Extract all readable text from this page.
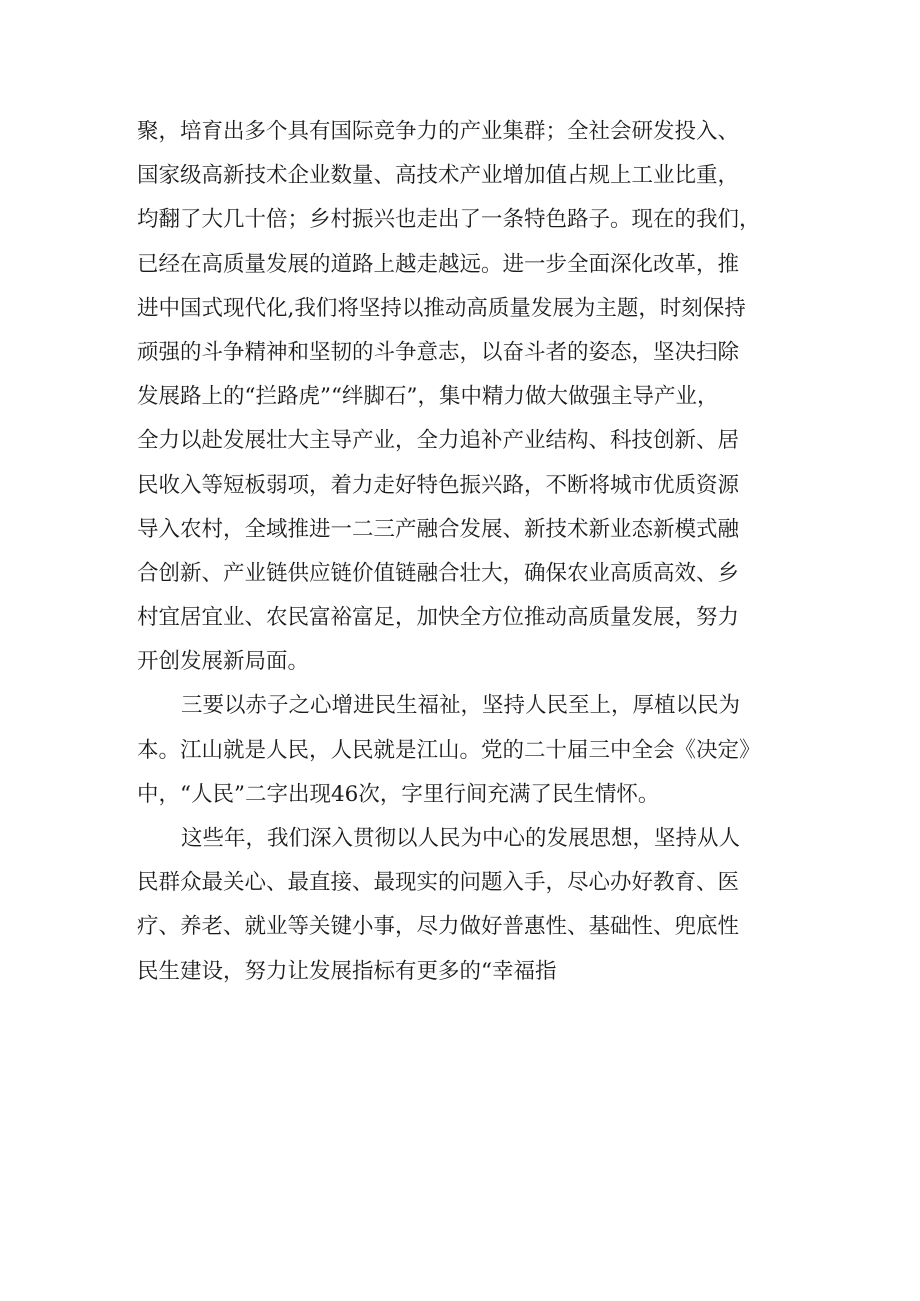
聚，培育出多个具有国际竞争力的产业集群；全社会研发投入、
国家级高新技术企业数量、高技术产业增加值占规上工业比重，
均翻了大几十倍；乡村振兴也走出了一条特色路子。现在的我们，
已经在高质量发展的道路上越走越远。进一步全面深化改革，推
进中国式现代化,我们将坚持以推动高质量发展为主题，时刻保持
顽强的斗争精神和坚韧的斗争意志，以奋斗者的姿态，坚决扫除
发展路上的“拦路虎”“绊脚石”，集中精力做大做强主导产业，
全力以赴发展壮大主导产业，全力追补产业结构、科技创新、居
民收入等短板弱项，着力走好特色振兴路，不断将城市优质资源
导入农村，全域推进一二三产融合发展、新技术新业态新模式融
合创新、产业链供应链价值链融合壮大，确保农业高质高效、乡
村宜居宜业、农民富裕富足，加快全方位推动高质量发展，努力
开创发展新局面。
三要以赤子之心增进民生福祉，坚持人民至上，厚植以民为
本。江山就是人民，人民就是江山。党的二十届三中全会《决定》
中，“人民”二字出现46次，字里行间充满了民生情怀。
这些年，我们深入贯彻以人民为中心的发展思想，坚持从人
民群众最关心、最直接、最现实的问题入手，尽心办好教育、医
疗、养老、就业等关键小事，尽力做好普惠性、基础性、兜底性
民生建设，努力让发展指标有更多的“幸福指
